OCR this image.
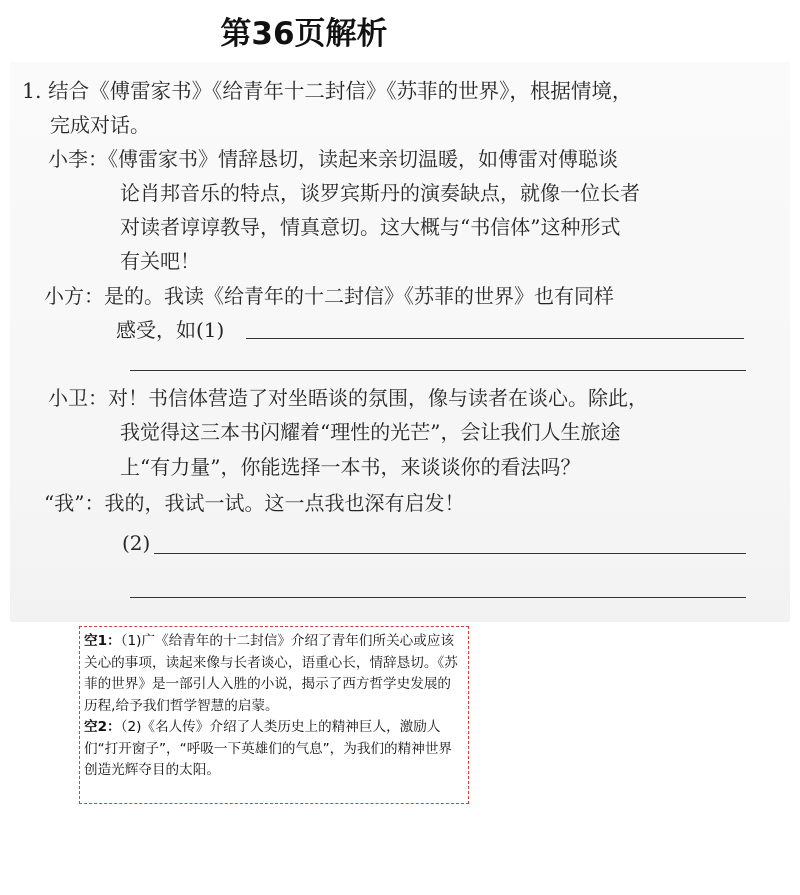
第36页解析
1. 结合《傅雷家书》《给青年十二封信》《苏菲的世界》，根据情境，
完成对话。
小李：《傅雷家书》情辞恳切，读起来亲切温暖，如傅雷对傅聪谈
论肖邦音乐的特点，谈罗宾斯丹的演奏缺点，就像一位长者
对读者谆谆教导，情真意切。这大概与“书信体”这种形式
有关吧！
小方：是的。我读《给青年的十二封信》《苏菲的世界》也有同样
感受，如(1)
小卫：对！书信体营造了对坐晤谈的氛围，像与读者在谈心。除此，
我觉得这三本书闪耀着“理性的光芒”，会让我们人生旅途
上“有力量”，你能选择一本书，来谈谈你的看法吗？
“我”：我的，我试一试。这一点我也深有启发！
(2)

空1：（1)广《给青年的十二封信》介绍了青年们所关心或应该关心的事项，读起来像与长者谈心，语重心长，情辞恳切。《苏菲的世界》是一部引人入胜的小说，揭示了西方哲学史发展的历程,给予我们哲学智慧的启蒙。

空2：（2)《名人传》介绍了人类历史上的精神巨人，激励人们“打开窗子”，“呼吸一下英雄们的气息”，为我们的精神世界创造光辉夺目的太阳。
